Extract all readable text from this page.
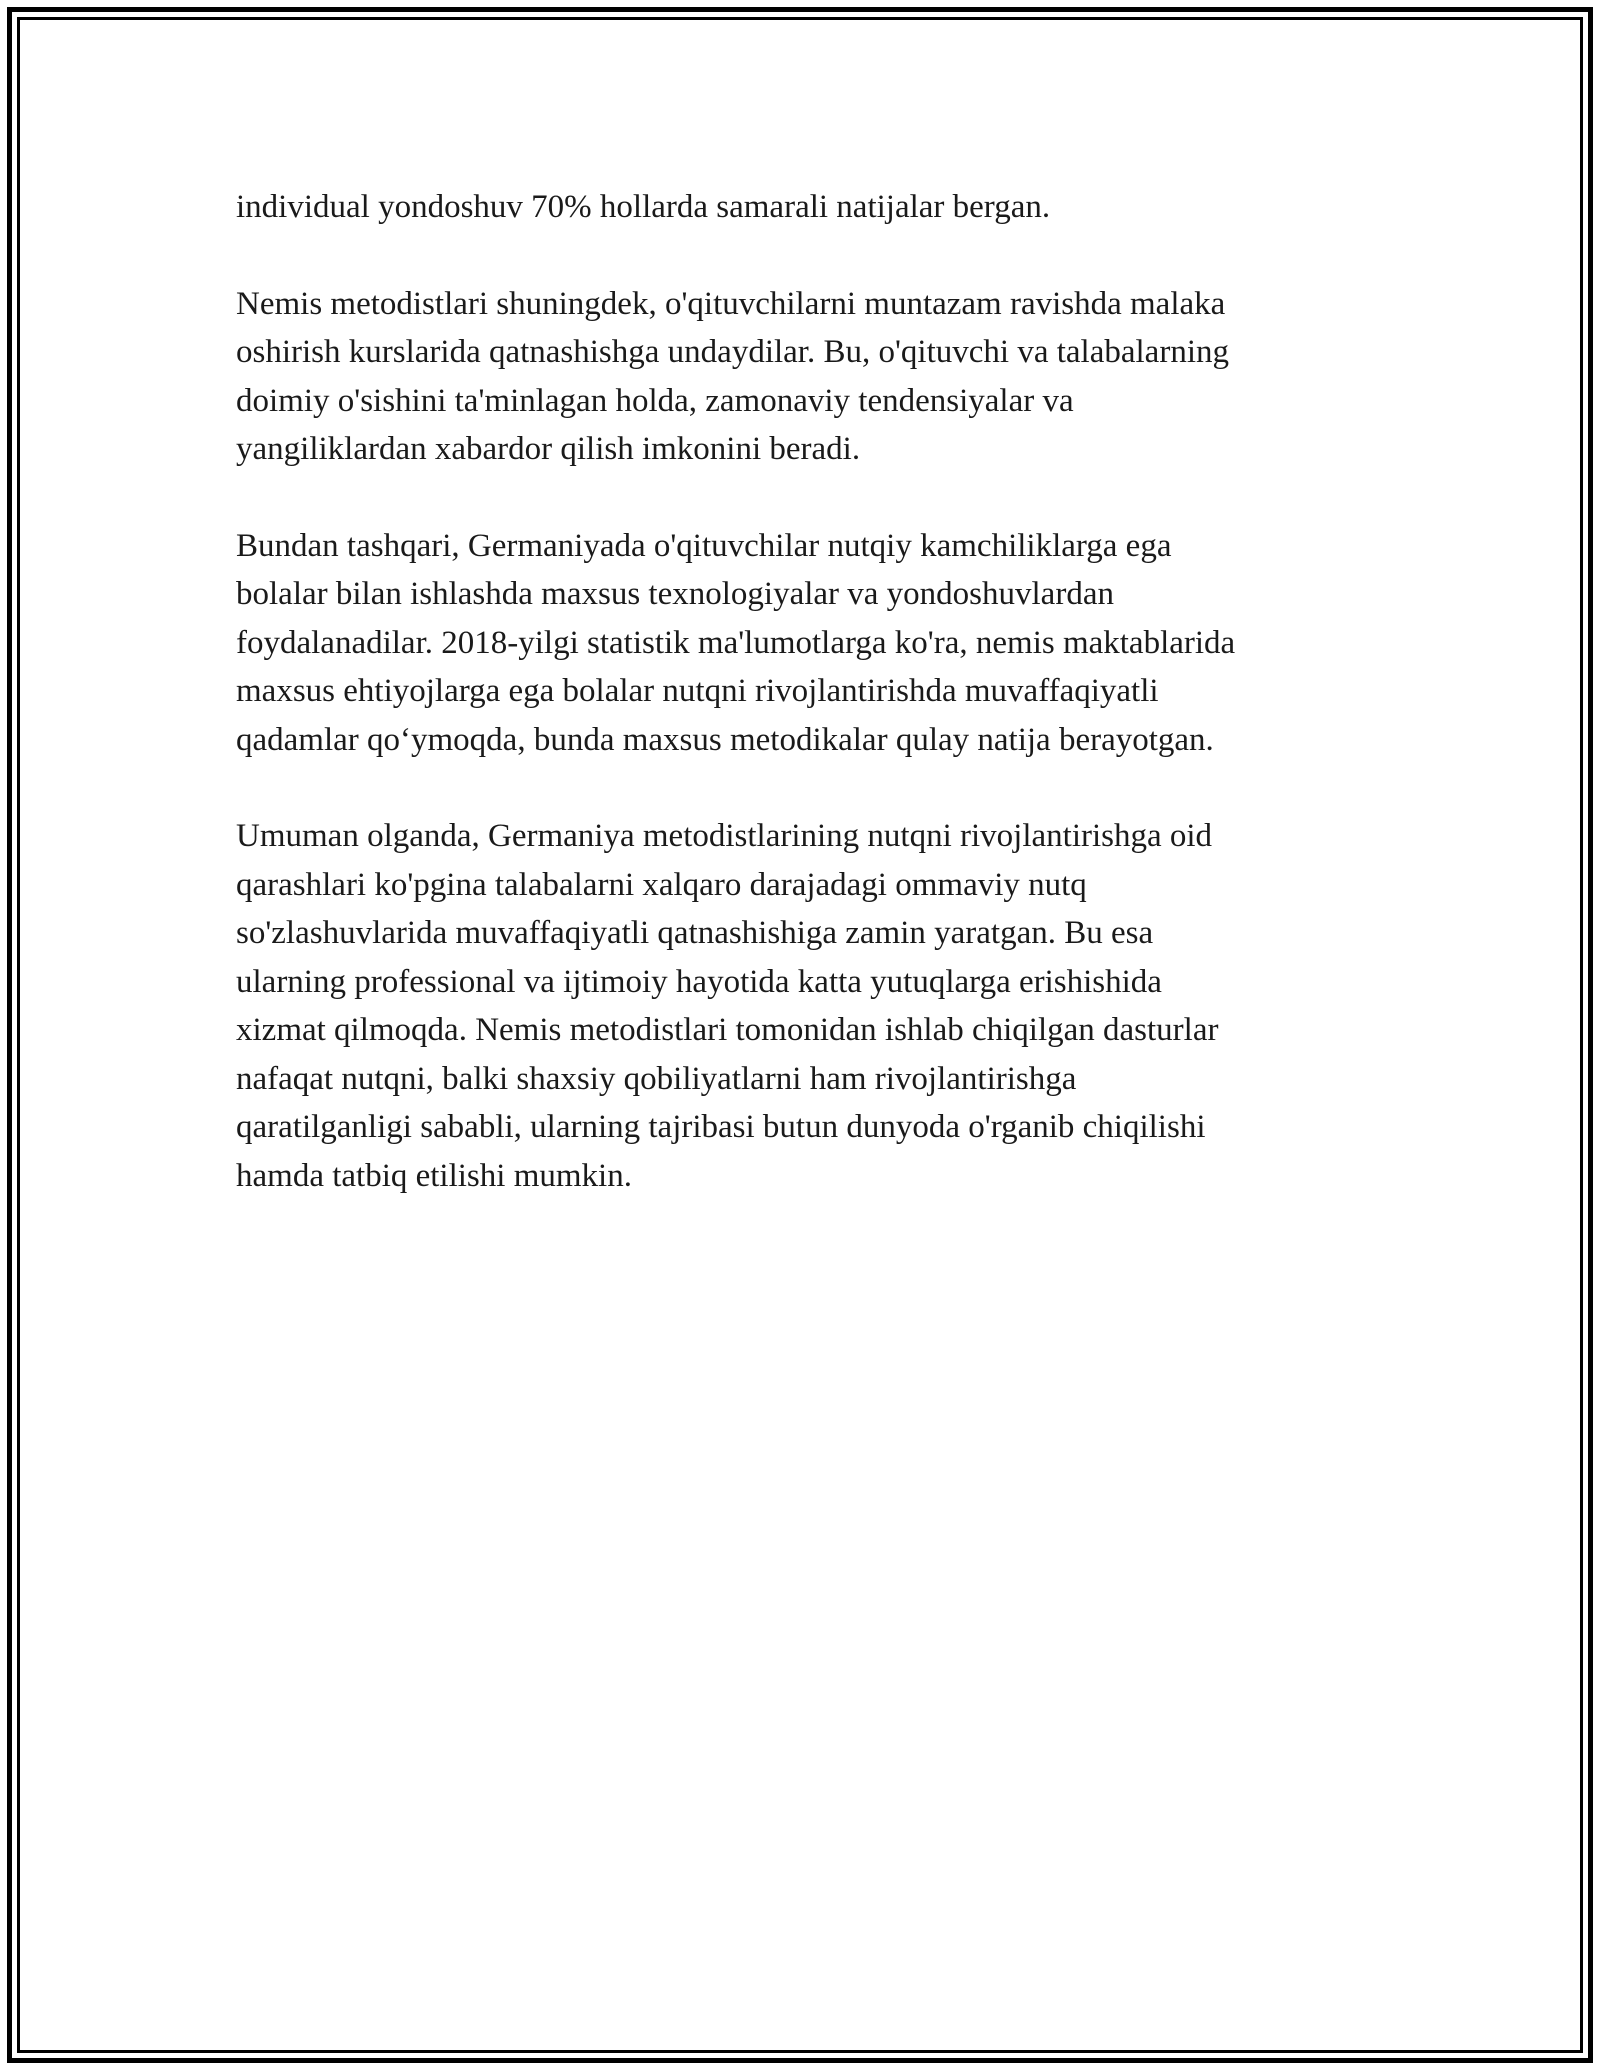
individual yondoshuv 70% hollarda samarali natijalar bergan.

Nemis metodistlari shuningdek, o'qituvchilarni muntazam ravishda malaka
oshirish kurslarida qatnashishga undaydilar. Bu, o'qituvchi va talabalarning
doimiy o'sishini ta'minlagan holda, zamonaviy tendensiyalar va
yangiliklardan xabardor qilish imkonini beradi.

Bundan tashqari, Germaniyada o'qituvchilar nutqiy kamchiliklarga ega
bolalar bilan ishlashda maxsus texnologiyalar va yondoshuvlardan
foydalanadilar. 2018-yilgi statistik ma'lumotlarga ko'ra, nemis maktablarida
maxsus ehtiyojlarga ega bolalar nutqni rivojlantirishda muvaffaqiyatli
qadamlar qo‘ymoqda, bunda maxsus metodikalar qulay natija berayotgan.

Umuman olganda, Germaniya metodistlarining nutqni rivojlantirishga oid
qarashlari ko'pgina talabalarni xalqaro darajadagi ommaviy nutq
so'zlashuvlarida muvaffaqiyatli qatnashishiga zamin yaratgan. Bu esa
ularning professional va ijtimoiy hayotida katta yutuqlarga erishishida
xizmat qilmoqda. Nemis metodistlari tomonidan ishlab chiqilgan dasturlar
nafaqat nutqni, balki shaxsiy qobiliyatlarni ham rivojlantirishga
qaratilganligi sababli, ularning tajribasi butun dunyoda o'rganib chiqilishi
hamda tatbiq etilishi mumkin.
